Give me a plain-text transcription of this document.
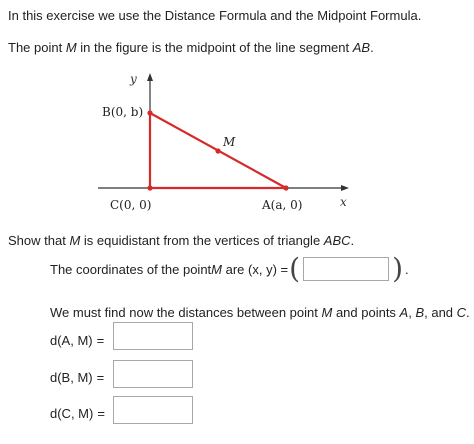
In this exercise we use the Distance Formula and the Midpoint Formula.
The point M in the figure is the midpoint of the line segment AB.
y
x
B(0, b)
M
C(0, 0)	A(a, 0)
Show that M is equidistant from the vertices of triangle ABC.
The coordinates of the point M are (x, y) = (	) .
We must find now the distances between point M and points A, B, and C.
d(A, M) =
d(B, M) =
d(C, M) =
